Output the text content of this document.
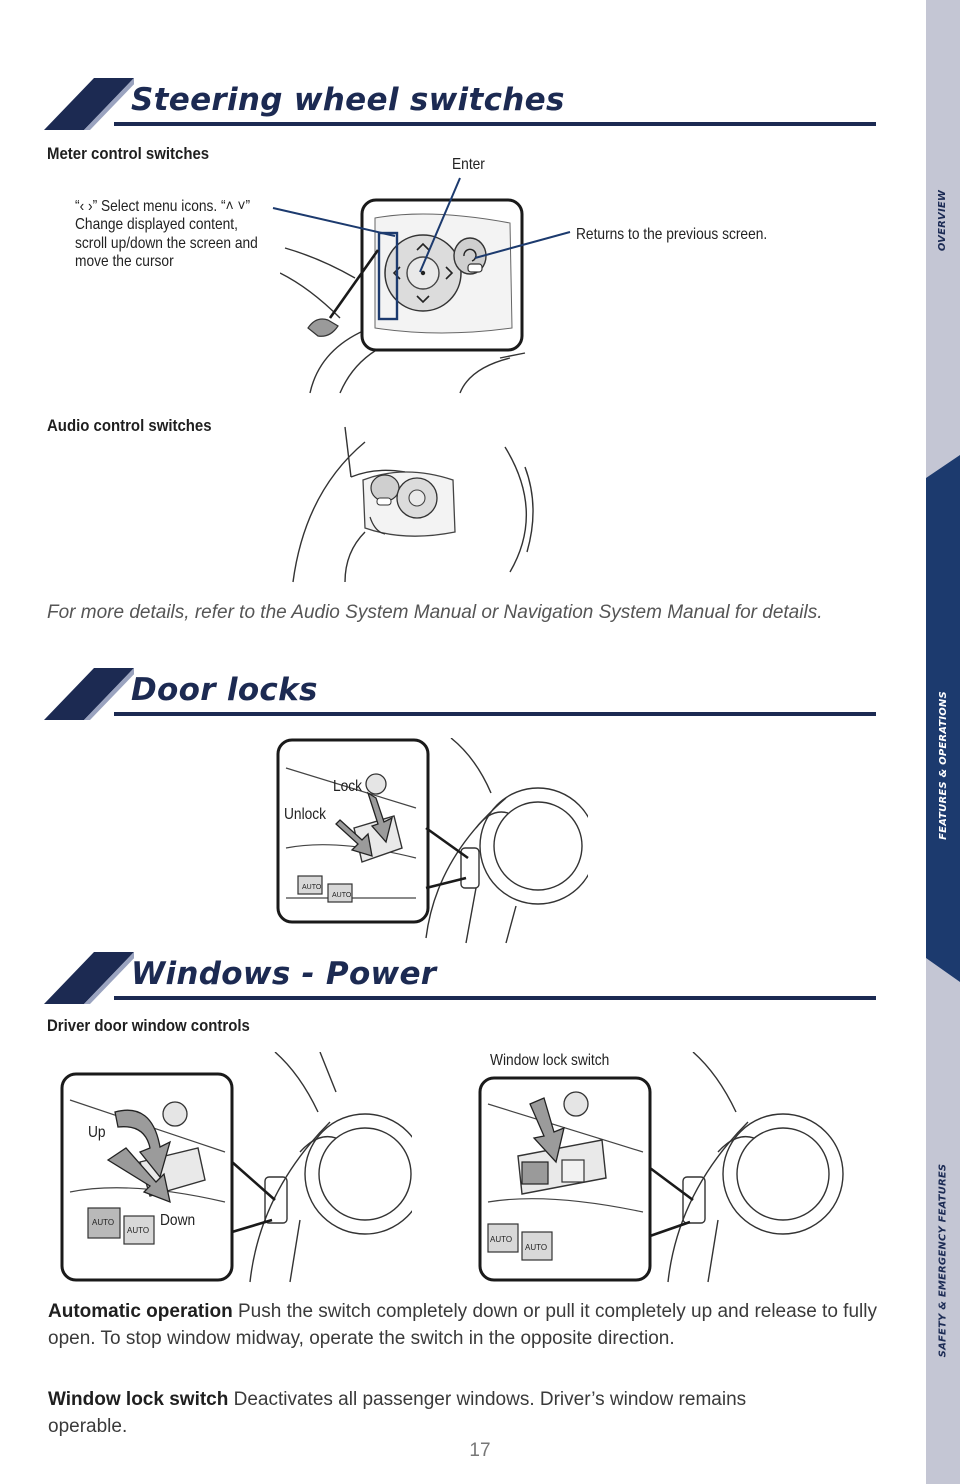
OVERVIEW
FEATURES & OPERATIONS
SAFETY & EMERGENCY FEATURES
Steering wheel switches
Meter control switches
Enter
“‹ ›” Select menu icons. “˄ ˅” Change displayed content, scroll up/down the screen and move the cursor
Returns to the previous screen.
Audio control switches
For more details, refer to the Audio System Manual or Navigation System Manual for details.
Door locks
AUTO
AUTO
Lock
Unlock
Windows - Power
Driver door window controls
AUTO
AUTO
Up
Down
Window lock switch
AUTO
AUTO
Automatic operation Push the switch completely down or pull it completely up and release to fully open. To stop window midway, operate the switch in the opposite direction.
Window lock switch Deactivates all passenger windows. Driver’s window remains operable.
17
